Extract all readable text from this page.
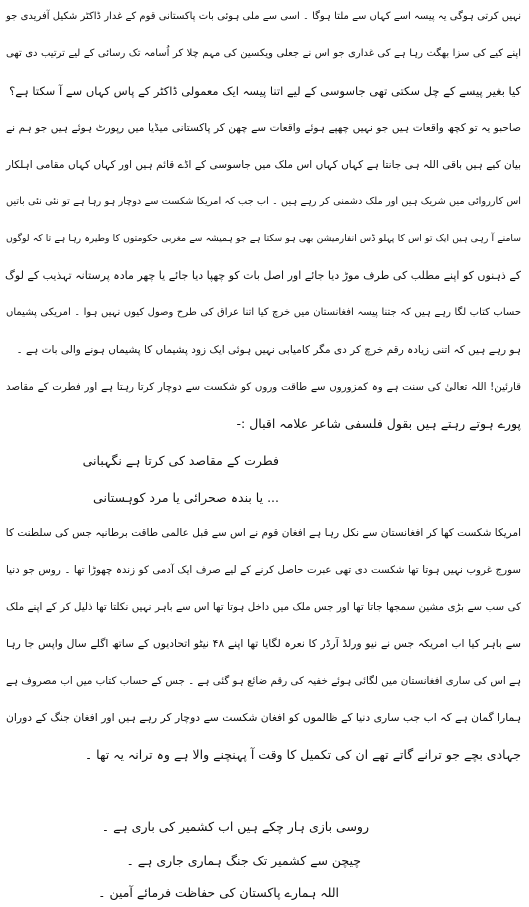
نہیں کرتی ہوگی یہ پیسہ اسے کہاں سے ملتا ہوگا ۔ اسی سے ملی ہوئی بات پاکستانی قوم کے غدار ڈاکٹر شکیل آفریدی جو
اپنے کیے کی سزا بھگت رہا ہے کی غداری جو اس نے جعلی ویکسین کی مہم چلا کر اُسامہ تک رسائی کے لیے ترتیب دی تھی
کیا بغیر پیسے کے چل سکتی تھی جاسوسی کے لیے اتنا پیسہ ایک معمولی ڈاکٹر کے پاس کہاں سے آ سکتا ہے؟
صاحبو یہ تو کچھ واقعات ہیں جو نہیں چھپے ہوئے واقعات سے چھن کر پاکستانی میڈیا میں رپورٹ ہوئے ہیں جو ہم نے
بیان کیے ہیں باقی اللہ ہی جانتا ہے کہاں کہاں اس ملک میں جاسوسی کے اڈے قائم ہیں اور کہاں کہاں مقامی اہلکار
اس کارروائی میں شریک ہیں اور ملک دشمنی کر رہے ہیں ۔ اب جب کہ امریکا شکست سے دوچار ہو رہا ہے تو نئی نئی باتیں
سامنے آ رہی ہیں ایک تو اس کا پہلو ڈس انفارمیشن بھی ہو سکتا ہے جو ہمیشہ سے مغربی حکومتوں کا وطیرہ رہا ہے تا کہ لوگوں
کے ذہنوں کو اپنے مطلب کی طرف موڑ دیا جائے اور اصل بات کو چھپا دیا جائے یا چھر مادہ پرستانہ تہذیب کے لوگ
حساب کتاب لگا رہے ہیں کہ جتنا پیسہ افغانستان میں خرچ کیا اتنا عراق کی طرح وصول کیوں نہیں ہوا ۔ امریکی پشیماں
ہو رہے ہیں کہ اتنی زیادہ رقم خرچ کر دی مگر کامیابی نہیں ہوئی ایک زود پشیماں کا پشیماں ہونے والی بات ہے ۔
قارئین! اللہ تعالیٰ کی سنت ہے وہ کمزوروں سے طاقت وروں کو شکست سے دوچار کرتا رہتا ہے اور فطرت کے مقاصد
پورے ہوتے رہتے ہیں بقول فلسفی شاعر علامہ اقبال :-
فطرت کے مقاصد کی کرتا ہے نگہبانی
... یا بندہ صحرائی یا مرد کوہستانی
امریکا شکست کھا کر افغانستان سے نکل رہا ہے افغان قوم نے اس سے قبل عالمی طاقت برطانیہ جس کی سلطنت کا
سورج غروب نہیں ہوتا تھا شکست دی تھی عبرت حاصل کرنے کے لیے صرف ایک آدمی کو زندہ چھوڑا تھا ۔ روس جو دنیا
کی سب سے بڑی مشین سمجھا جاتا تھا اور جس ملک میں داخل ہوتا تھا اس سے باہر نہیں نکلتا تھا ذلیل کر کے اپنے ملک
سے باہر کیا اب امریکہ جس نے نیو ورلڈ آرڈر کا نعرہ لگایا تھا اپنے ۴۸ نیٹو اتحادیوں کے ساتھ اگلے سال واپس جا رہا
ہے اس کی ساری افغانستان میں لگائی ہوئے خفیہ کی رقم ضائع ہو گئی ہے ۔ جس کے حساب کتاب میں اب مصروف ہے
ہمارا گمان ہے کہ اب جب ساری دنیا کے ظالموں کو افغان شکست سے دوچار کر رہے ہیں اور افغان جنگ کے دوران
جہادی بچے جو ترانے گاتے تھے ان کی تکمیل کا وقت آ پہنچنے والا ہے وہ ترانہ یہ تھا ۔
روسی بازی ہار چکے ہیں اب کشمیر کی باری ہے ۔
چیچن سے کشمیر تک جنگ ہماری جاری ہے ۔
اللہ ہمارے پاکستان کی حفاظت فرمائے آمین ۔
